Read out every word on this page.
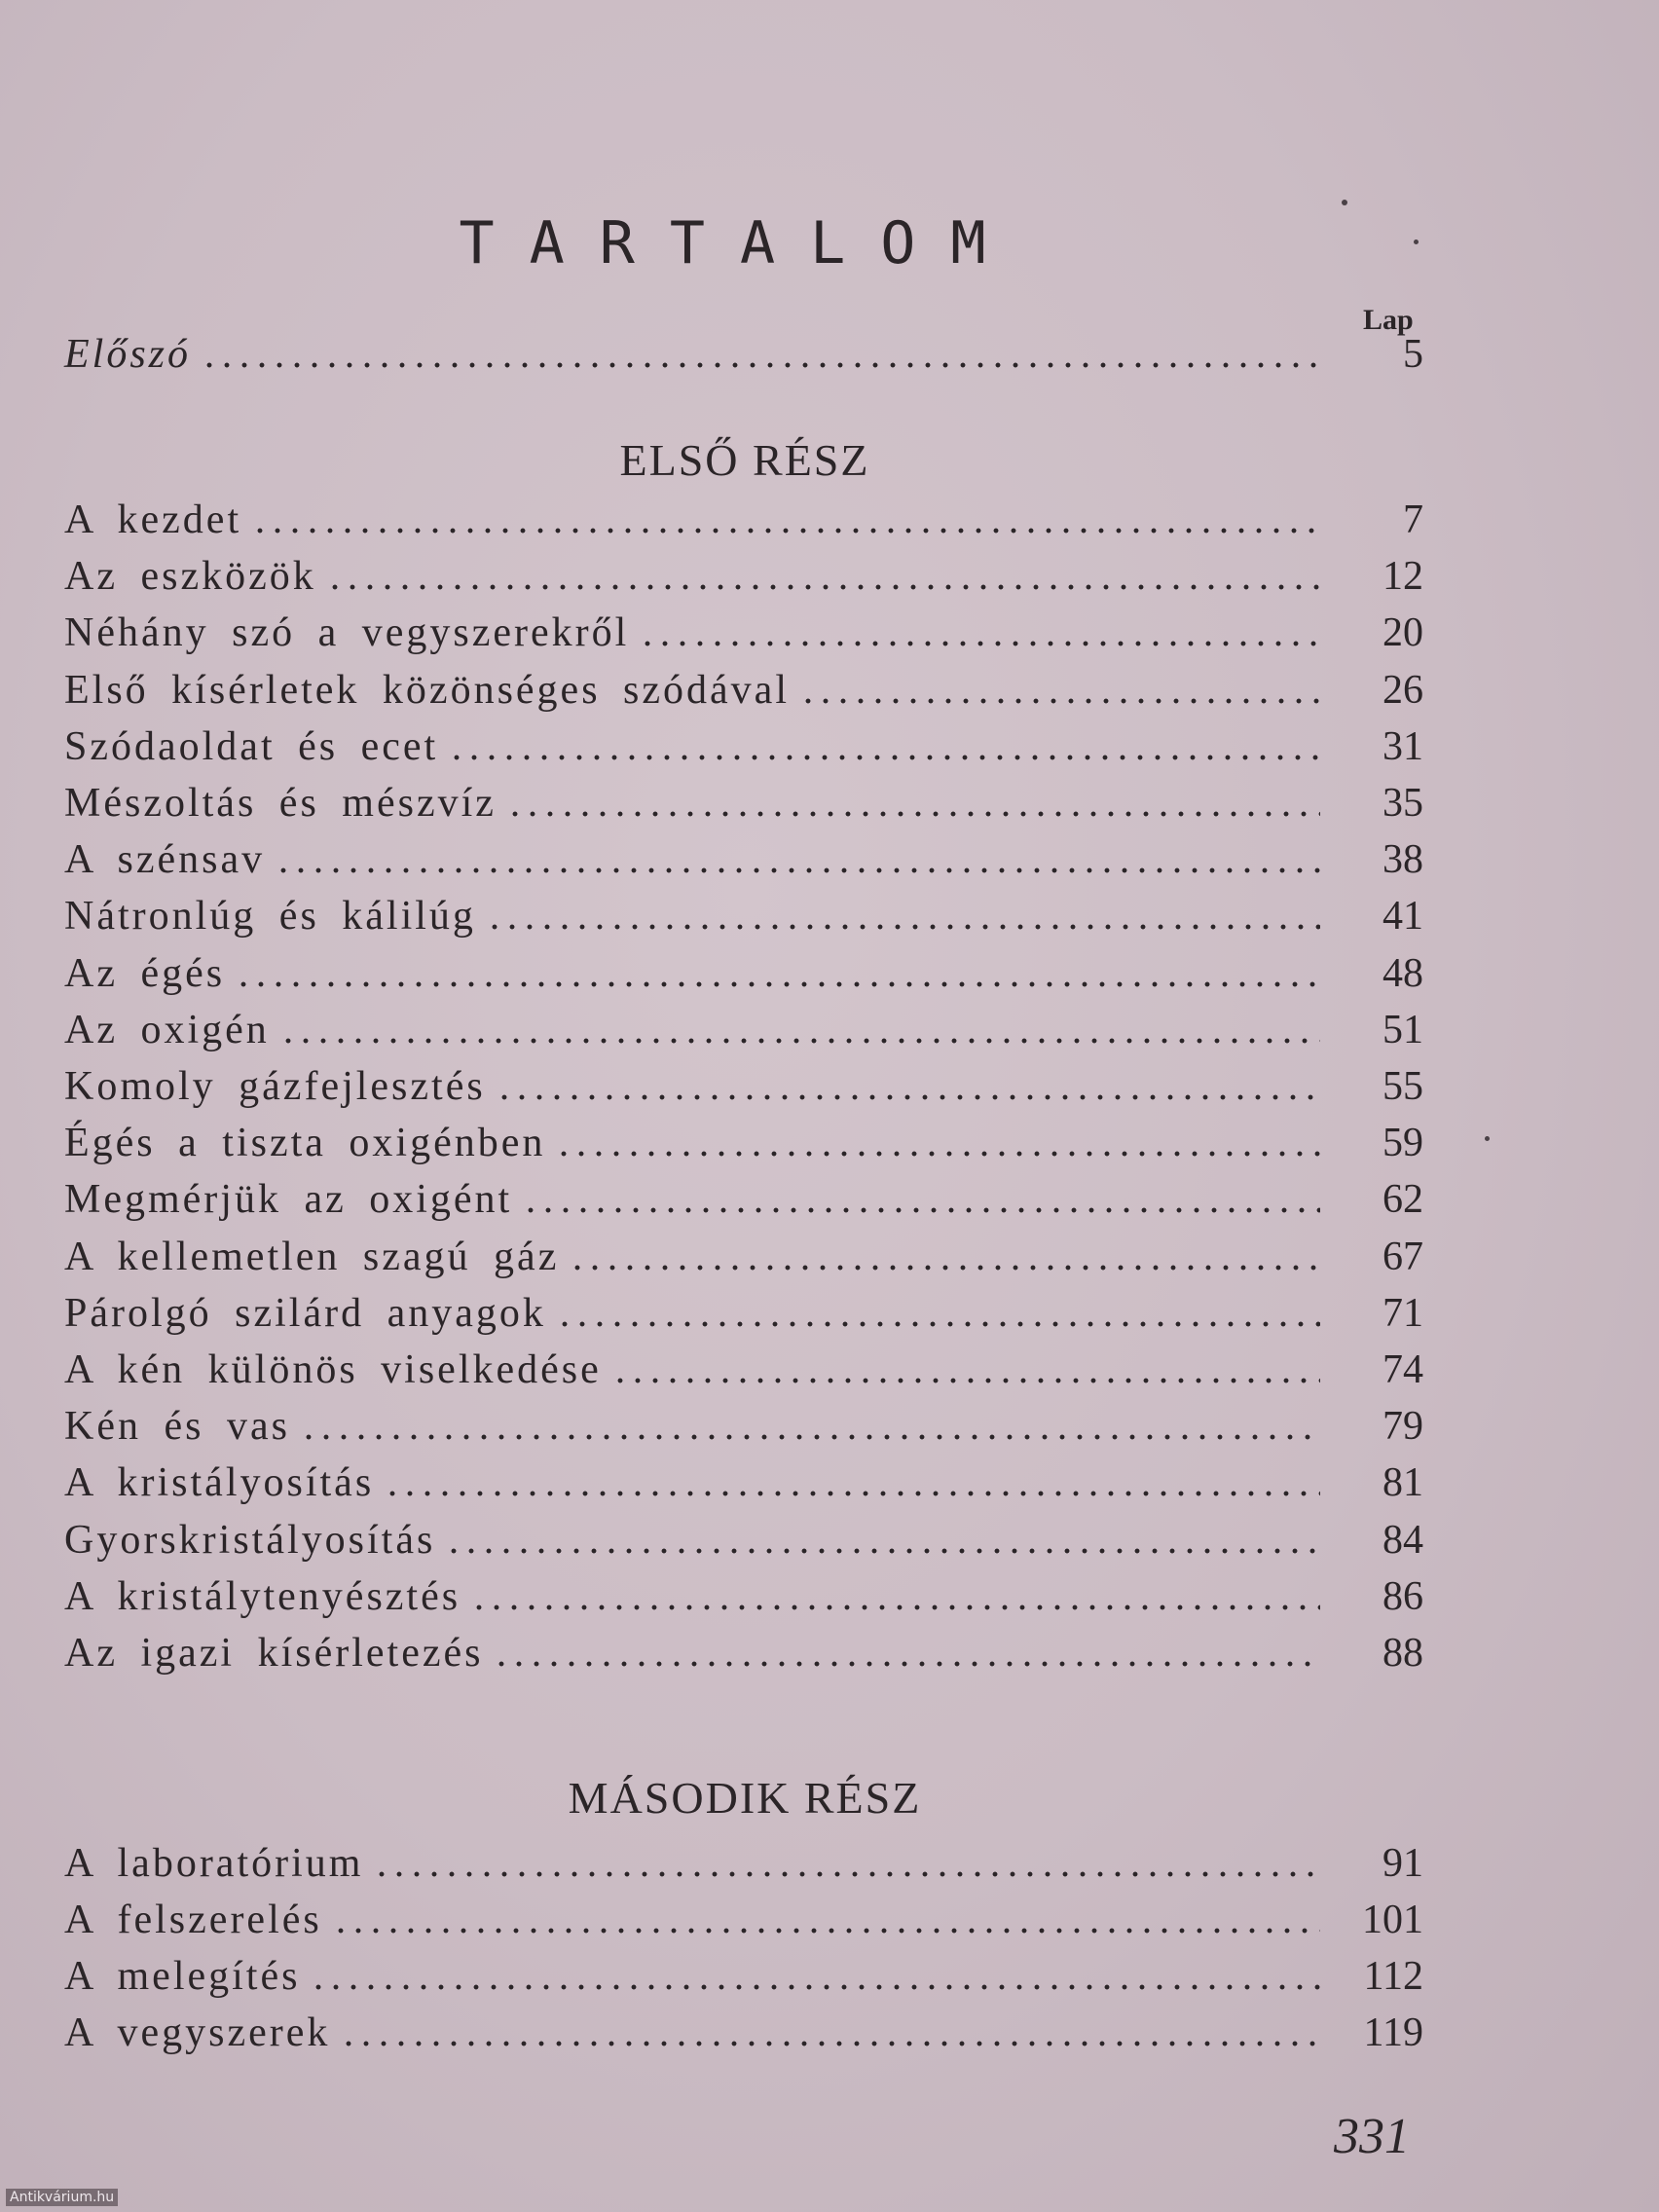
TARTALOM
Lap
Előszó	5
ELSŐ RÉSZ
A kezdet	7
Az eszközök	12
Néhány szó a vegyszerekről	20
Első kísérletek közönséges szódával	26
Szódaoldat és ecet	31
Mészoltás és mészvíz	35
A szénsav	38
Nátronlúg és kálilúg	41
Az égés	48
Az oxigén	51
Komoly gázfejlesztés	55
Égés a tiszta oxigénben	59
Megmérjük az oxigént	62
A kellemetlen szagú gáz	67
Párolgó szilárd anyagok	71
A kén különös viselkedése	74
Kén és vas	79
A kristályosítás	81
Gyorskristályosítás	84
A kristálytenyésztés	86
Az igazi kísérletezés	88
MÁSODIK RÉSZ
A laboratórium	91
A felszerelés	101
A melegítés	112
A vegyszerek	119
331
Antikvárium.hu
